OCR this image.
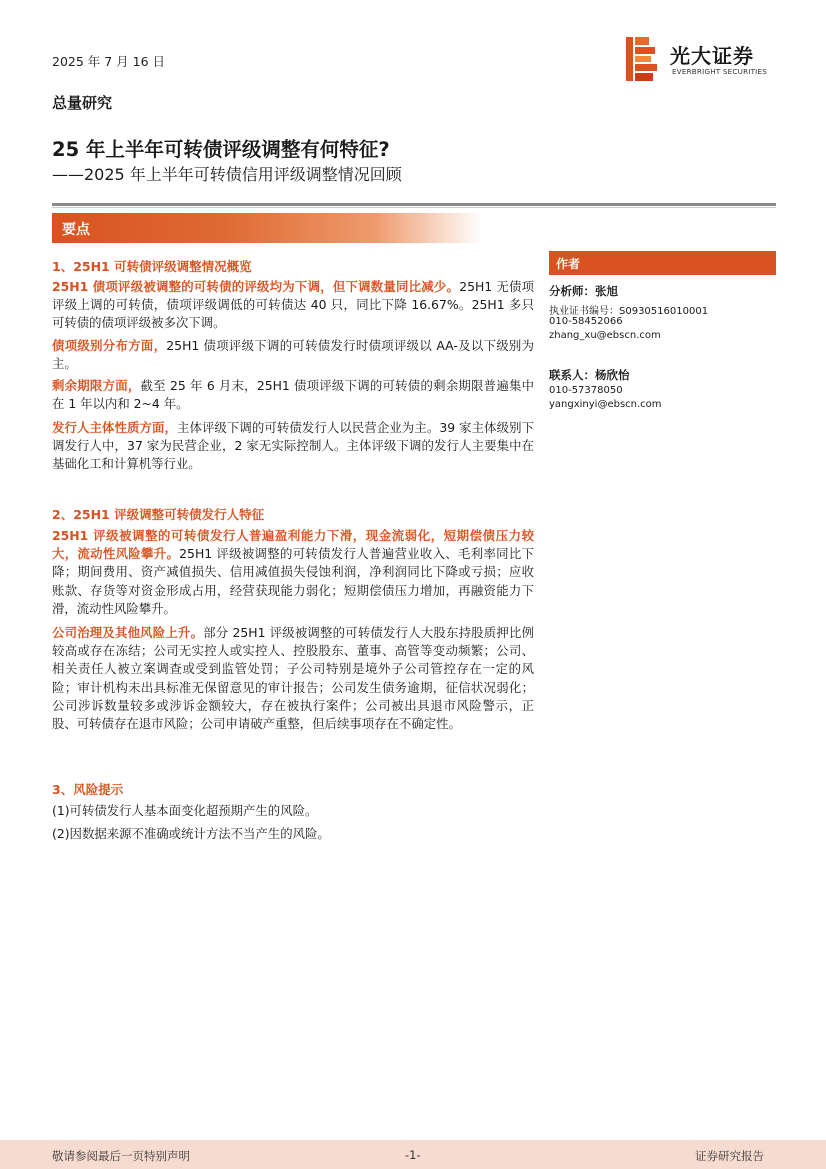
2025 年 7 月 16 日	光大证券
EVERBRIGHT SECURITIES
总量研究
25 年上半年可转债评级调整有何特征?
——2025 年上半年可转债信用评级调整情况回顾
要点
1、25H1 可转债评级调整情况概览
25H1 债项评级被调整的可转债的评级均为下调，但下调数量同比减少。25H1 无债项评级上调的可转债，债项评级调低的可转债达 40 只，同比下降 16.67%。25H1 多只可转债的债项评级被多次下调。
债项级别分布方面，25H1 债项评级下调的可转债发行时债项评级以 AA-及以下级别为主。
剩余期限方面，截至 25 年 6 月末，25H1 债项评级下调的可转债的剩余期限普遍集中在 1 年以内和 2~4 年。
发行人主体性质方面，主体评级下调的可转债发行人以民营企业为主。39 家主体级别下调发行人中，37 家为民营企业，2 家无实际控制人。主体评级下调的发行人主要集中在基础化工和计算机等行业。
2、25H1 评级调整可转债发行人特征
25H1 评级被调整的可转债发行人普遍盈利能力下滑，现金流弱化，短期偿债压力较大，流动性风险攀升。25H1 评级被调整的可转债发行人普遍营业收入、毛利率同比下降；期间费用、资产减值损失、信用减值损失侵蚀利润，净利润同比下降或亏损；应收账款、存货等对资金形成占用，经营获现能力弱化；短期偿债压力增加，再融资能力下滑，流动性风险攀升。
公司治理及其他风险上升。部分 25H1 评级被调整的可转债发行人大股东持股质押比例较高或存在冻结；公司无实控人或实控人、控股股东、董事、高管等变动频繁；公司、相关责任人被立案调查或受到监管处罚；子公司特别是境外子公司管控存在一定的风险；审计机构未出具标准无保留意见的审计报告；公司发生债务逾期，征信状况弱化；公司涉诉数量较多或涉诉金额较大，存在被执行案件；公司被出具退市风险警示，正股、可转债存在退市风险；公司申请破产重整，但后续事项存在不确定性。
3、风险提示
(1)可转债发行人基本面变化超预期产生的风险。
(2)因数据来源不准确或统计方法不当产生的风险。
作者
分析师：张旭
执业证书编号：S0930516010001
010-58452066
zhang_xu@ebscn.com
联系人：杨欣怡
010-57378050
yangxinyi@ebscn.com
敬请参阅最后一页特别声明	-1-	证券研究报告
